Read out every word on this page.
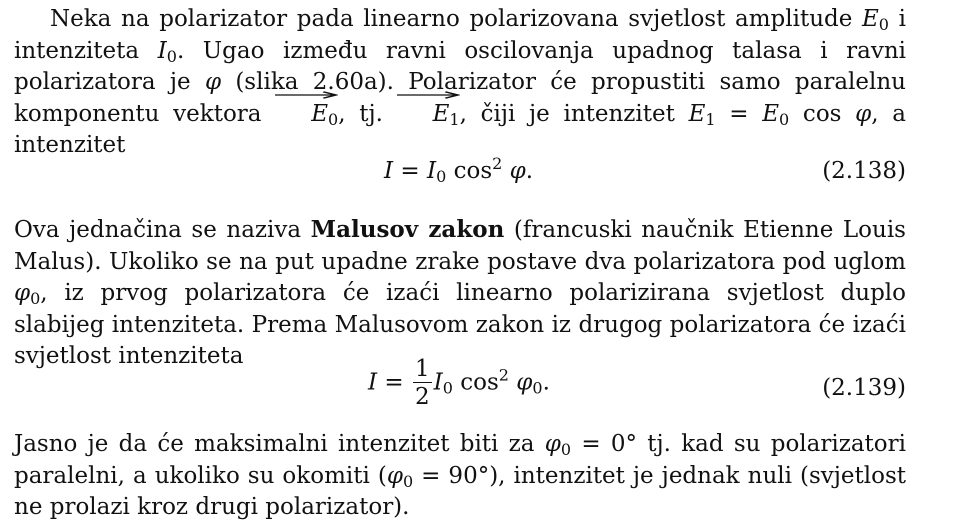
Neka na polarizator pada linearno polarizovana svjetlost amplitude $E_0$ i intenziteta $I_0$. Ugao između ravni oscilovanja upadnog talasa i ravni polarizatora je φ (slika 2.60a). Polarizator će propustiti samo paralelnu komponentu vektora
$E_0$, tj.
$E_1$, čiji je intenzitet $E_1 = E_0$ cos φ, a intenzitet
$I = I_0$ $\cos^2 \varphi$.	(2.138)
Ova jednačina se naziva Malusov zakon (francuski naučnik Etienne Louis Malus). Ukoliko se na put upadne zrake postave dva polarizatora pod uglom $\varphi_0$, iz prvog polarizatora će izaći linearno polarizirana svjetlost duplo slabijeg intenziteta. Prema Malusovom zakon iz drugog polarizatora će izaći svjetlost intenziteta
$I = \frac{1}{2} I_0$ $\cos^2 \varphi_0$.	(2.139)
Jasno je da će maksimalni intenzitet biti za $\varphi_0 = 0^\circ$ tj. kad su polarizatori paralelni, a ukoliko su okomiti $(\varphi_0 = 90^\circ)$, intenzitet je jednak nuli (svjetlost ne prolazi kroz drugi polarizator).
